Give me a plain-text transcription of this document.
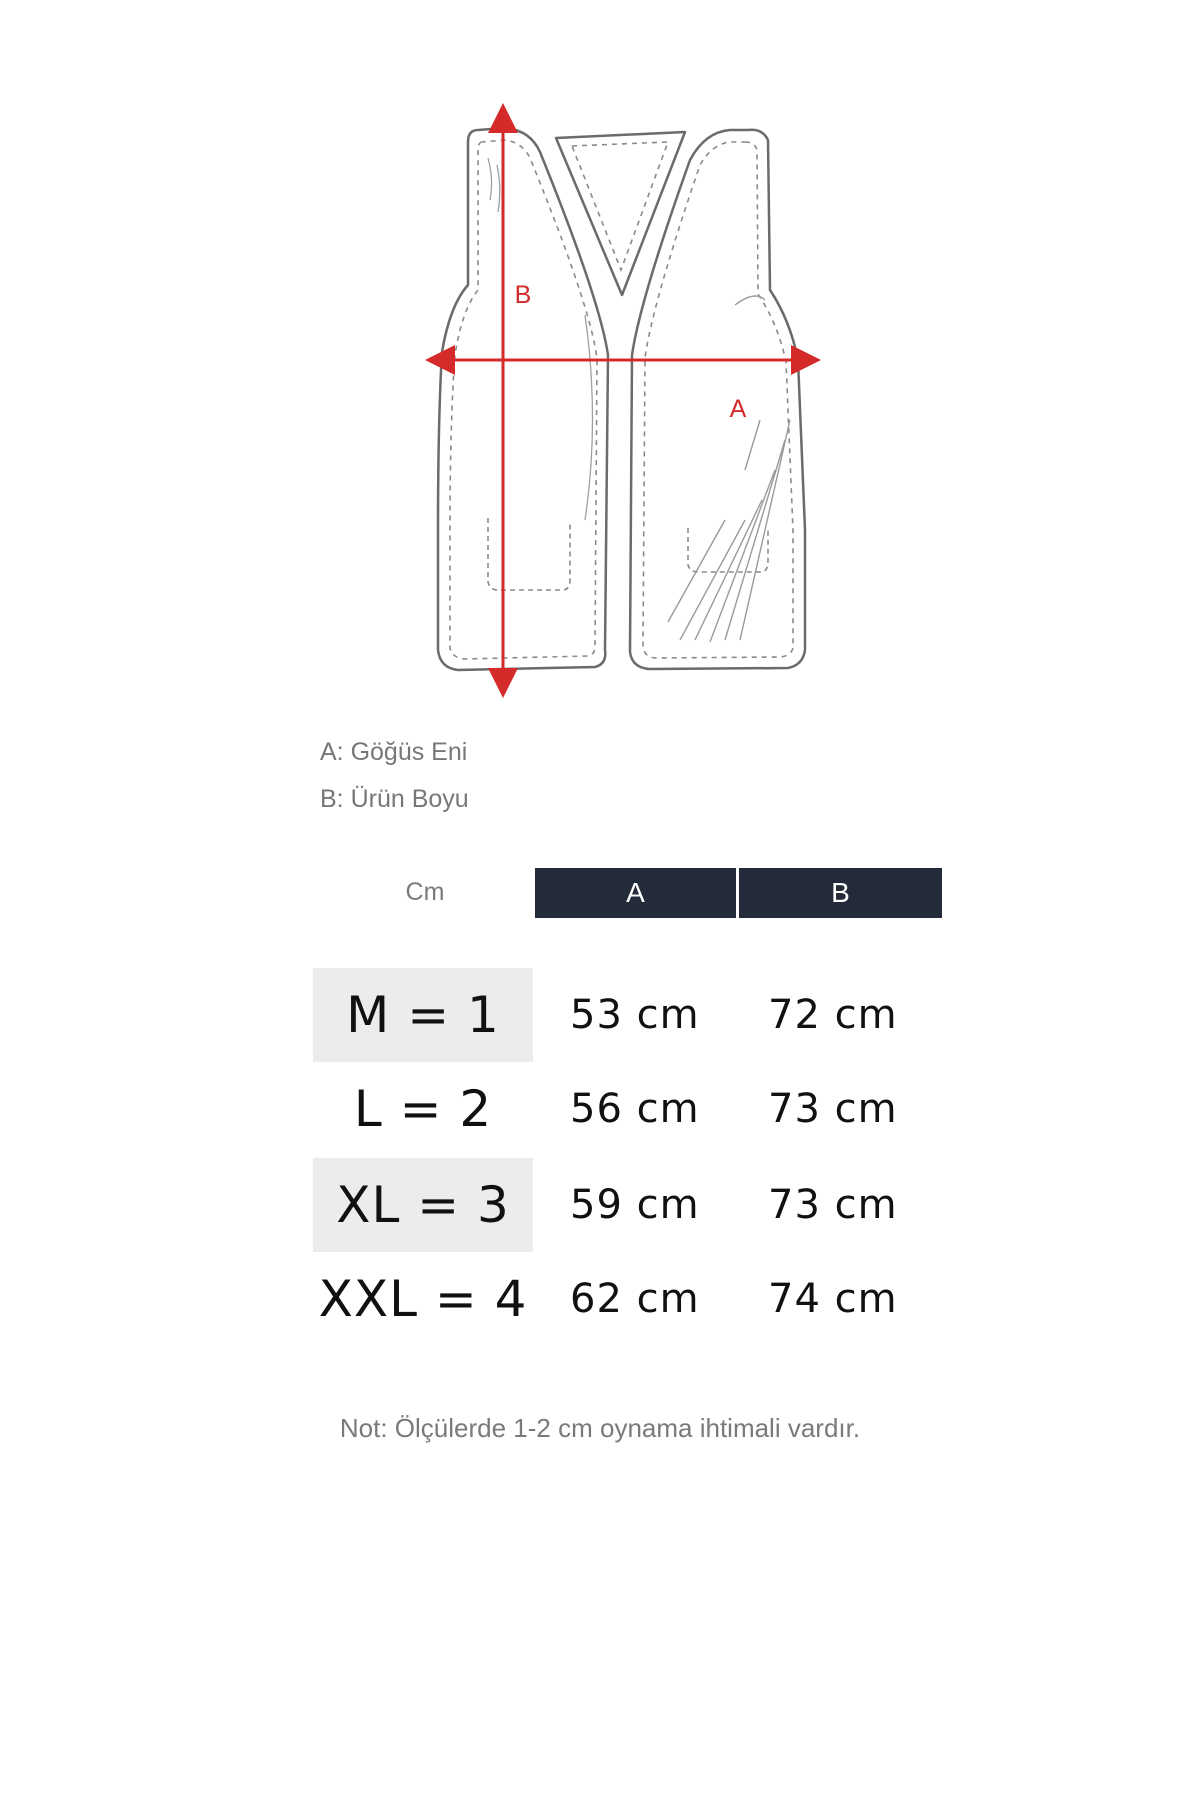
B
A
A: Göğüs Eni
B: Ürün Boyu
Cm	A	B
M = 1	53 cm 72 cm
L = 2	56 cm 73 cm
XL = 3	59 cm 73 cm
XXL = 4 62 cm 74 cm
Not: Ölçülerde 1-2 cm oynama ihtimali vardır.
